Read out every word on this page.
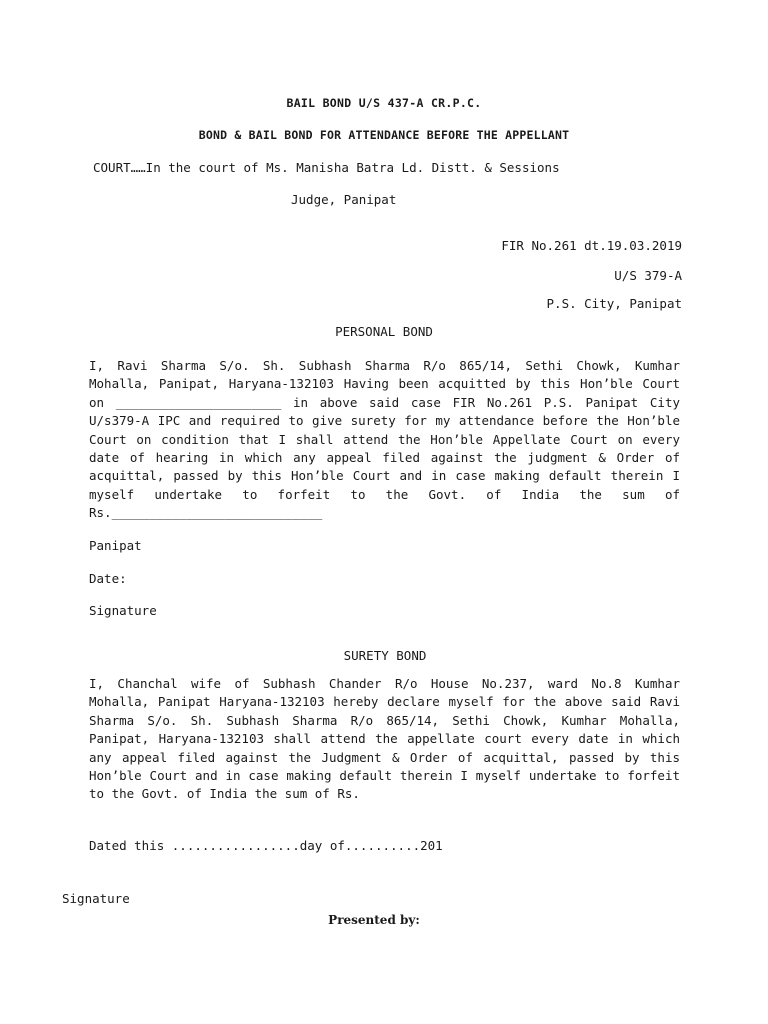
BAIL BOND U/S 437-A CR.P.C.
BOND & BAIL BOND FOR ATTENDANCE BEFORE THE APPELLANT
COURT……In the court of Ms. Manisha Batra Ld. Distt. & Sessions
Judge, Panipat
FIR No.261 dt.19.03.2019
U/S 379-A
P.S. City, Panipat
PERSONAL BOND
I, Ravi Sharma S/o. Sh. Subhash Sharma R/o 865/14, Sethi Chowk, Kumhar Mohalla, Panipat, Haryana-132103 Having been acquitted by this Hon’ble Court on ______________________ in above said case FIR No.261 P.S. Panipat City U/s379-A IPC and required to give surety for my attendance before the Hon’ble Court on condition that I shall attend the Hon’ble Appellate Court on every date of hearing in which any appeal filed against the judgment & Order of acquittal, passed by this Hon’ble Court and in case making default therein I myself undertake to forfeit to the Govt. of India the sum of Rs.____________________________
Panipat
Date:
Signature
SURETY BOND
I, Chanchal wife of Subhash Chander R/o House No.237, ward No.8 Kumhar Mohalla, Panipat Haryana-132103 hereby declare myself for the above said Ravi Sharma S/o. Sh. Subhash Sharma R/o 865/14, Sethi Chowk, Kumhar Mohalla, Panipat, Haryana-132103 shall attend the appellate court every date in which any appeal filed against the Judgment & Order of acquittal, passed by this Hon’ble Court and in case making default therein I myself undertake to forfeit to the Govt. of India the sum of Rs.
Dated this .................day of..........201
Signature
Presented by:
